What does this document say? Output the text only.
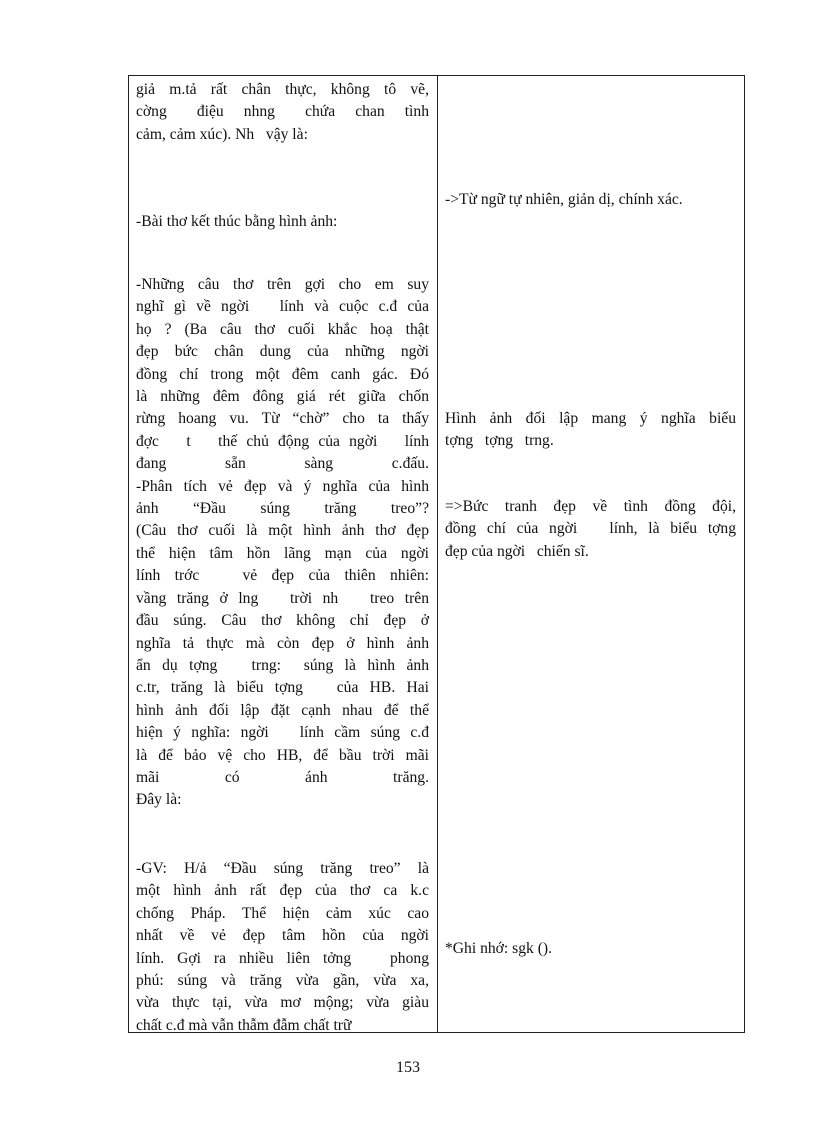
giả m.tả rất chân thực, không tô vẽ,
cờng   điệu  nhng   chứa  chan  tình
cảm, cảm xúc). Nh   vậy là:
-Bài thơ kết thúc bằng hình ảnh:
-Những câu thơ trên gợi cho em suy
nghĩ gì về ngời   lính và cuộc c.đ của
họ ? (Ba câu thơ cuối khắc hoạ thật
đẹp bức chân dung của những ngời
đồng chí trong một đêm canh gác. Đó
là những đêm đông giá rét giữa chốn
rừng hoang vu. Từ “chờ” cho ta thấy
đợc   t   thế chủ động của ngời   lính
đang sẵn sàng c.đấu.
-Phân tích vẻ đẹp và ý nghĩa của hình
ảnh “Đầu súng trăng treo”?
(Câu thơ cuối là một hình ảnh thơ đẹp
thể hiện tâm hồn lãng mạn của ngời
lính trớc   vẻ đẹp của thiên nhiên:
vầng trăng ở lng   trời nh   treo trên
đầu súng. Câu thơ không chỉ đẹp ở
nghĩa tả thực mà còn đẹp ở hình ảnh
ẩn dụ tợng   trng:  súng là hình ảnh
c.tr, trăng là biểu tợng   của HB. Hai
hình ảnh đối lập đặt cạnh nhau để thể
hiện ý nghĩa: ngời   lính cầm súng c.đ
là để bảo vệ cho HB, để bầu trời mãi
mãi có ánh trăng.
Đây là:
-GV: H/ả “Đầu súng trăng treo” là
một hình ảnh rất đẹp của thơ ca k.c
chống Pháp. Thể hiện cảm xúc cao
nhất về vẻ đẹp tâm hồn của ngời
lính. Gợi ra nhiều liên tởng   phong
phú: súng và trăng vừa gần, vừa xa,
vừa thực tại, vừa mơ mộng; vừa giàu
chất c.đ mà vẫn thẫm đẫm chất trữ
->Từ ngữ tự nhiên, giản dị, chính xác.
Hình ảnh đối lập mang ý nghĩa biểu
tợng   tợng   trng.
=>Bức tranh đẹp về tình đồng đội,
đồng chí của ngời   lính, là biểu tợng
đẹp của ngời   chiến sĩ.
*Ghi nhớ: sgk ().
153
